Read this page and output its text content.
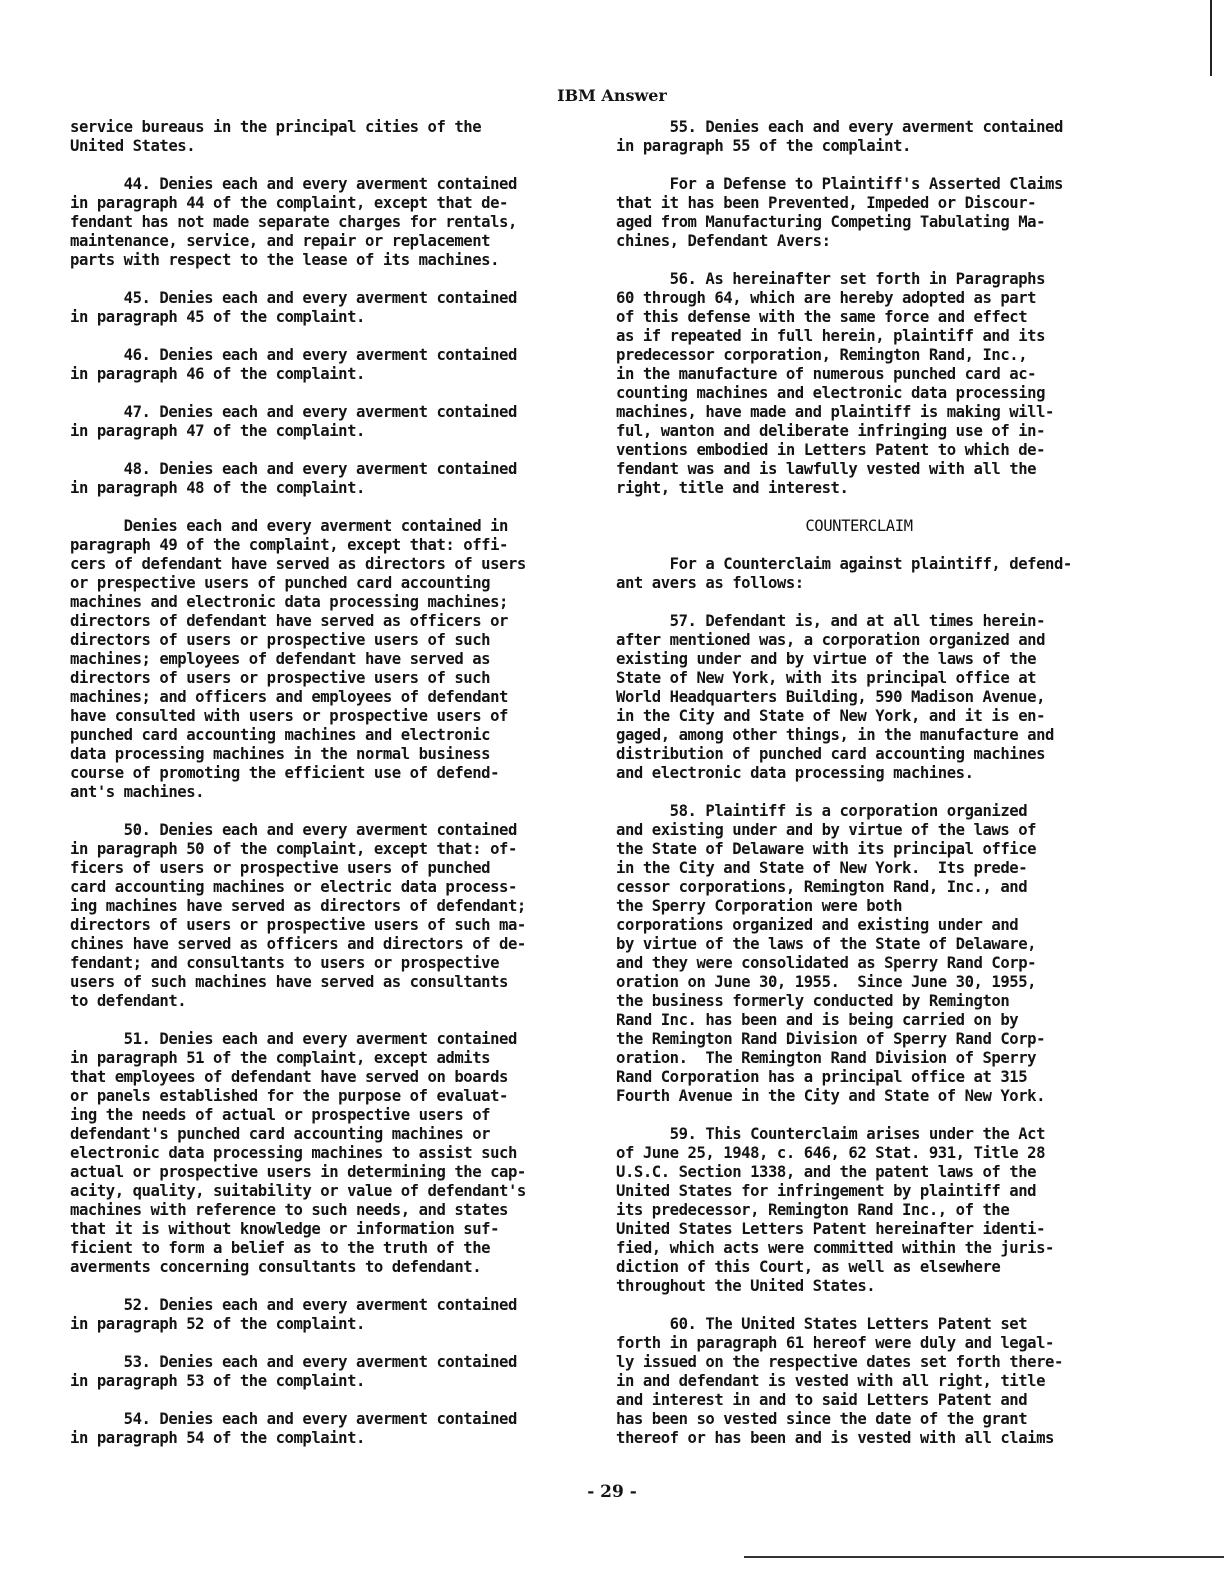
IBM Answer

service bureaus in the principal cities of the
United States.

44. Denies each and every averment contained
in paragraph 44 of the complaint, except that de-
fendant has not made separate charges for rentals,
maintenance, service, and repair or replacement
parts with respect to the lease of its machines.

45. Denies each and every averment contained
in paragraph 45 of the complaint.

46. Denies each and every averment contained
in paragraph 46 of the complaint.

47. Denies each and every averment contained
in paragraph 47 of the complaint.

48. Denies each and every averment contained
in paragraph 48 of the complaint.

Denies each and every averment contained in
paragraph 49 of the complaint, except that: offi-
cers of defendant have served as directors of users
or prespective users of punched card accounting
machines and electronic data processing machines;
directors of defendant have served as officers or
directors of users or prospective users of such
machines; employees of defendant have served as
directors of users or prospective users of such
machines; and officers and employees of defendant
have consulted with users or prospective users of
punched card accounting machines and electronic
data processing machines in the normal business
course of promoting the efficient use of defend-
ant's machines.

50. Denies each and every averment contained
in paragraph 50 of the complaint, except that: of-
ficers of users or prospective users of punched
card accounting machines or electric data process-
ing machines have served as directors of defendant;
directors of users or prospective users of such ma-
chines have served as officers and directors of de-
fendant; and consultants to users or prospective
users of such machines have served as consultants
to defendant.

51. Denies each and every averment contained
in paragraph 51 of the complaint, except admits
that employees of defendant have served on boards
or panels established for the purpose of evaluat-
ing the needs of actual or prospective users of
defendant's punched card accounting machines or
electronic data processing machines to assist such
actual or prospective users in determining the cap-
acity, quality, suitability or value of defendant's
machines with reference to such needs, and states
that it is without knowledge or information suf-
ficient to form a belief as to the truth of the
averments concerning consultants to defendant.

52. Denies each and every averment contained
in paragraph 52 of the complaint.

53. Denies each and every averment contained
in paragraph 53 of the complaint.

54. Denies each and every averment contained
in paragraph 54 of the complaint.

55. Denies each and every averment contained
in paragraph 55 of the complaint.

For a Defense to Plaintiff's Asserted Claims
that it has been Prevented, Impeded or Discour-
aged from Manufacturing Competing Tabulating Ma-
chines, Defendant Avers:

56. As hereinafter set forth in Paragraphs
60 through 64, which are hereby adopted as part
of this defense with the same force and effect
as if repeated in full herein, plaintiff and its
predecessor corporation, Remington Rand, Inc.,
in the manufacture of numerous punched card ac-
counting machines and electronic data processing
machines, have made and plaintiff is making will-
ful, wanton and deliberate infringing use of in-
ventions embodied in Letters Patent to which de-
fendant was and is lawfully vested with all the
right, title and interest.

COUNTERCLAIM

For a Counterclaim against plaintiff, defend-
ant avers as follows:

57. Defendant is, and at all times herein-
after mentioned was, a corporation organized and
existing under and by virtue of the laws of the
State of New York, with its principal office at
World Headquarters Building, 590 Madison Avenue,
in the City and State of New York, and it is en-
gaged, among other things, in the manufacture and
distribution of punched card accounting machines
and electronic data processing machines.

58. Plaintiff is a corporation organized
and existing under and by virtue of the laws of
the State of Delaware with its principal office
in the City and State of New York.  Its prede-
cessor corporations, Remington Rand, Inc., and
the Sperry Corporation were both
corporations organized and existing under and
by virtue of the laws of the State of Delaware,
and they were consolidated as Sperry Rand Corp-
oration on June 30, 1955.  Since June 30, 1955,
the business formerly conducted by Remington
Rand Inc. has been and is being carried on by
the Remington Rand Division of Sperry Rand Corp-
oration.  The Remington Rand Division of Sperry
Rand Corporation has a principal office at 315
Fourth Avenue in the City and State of New York.

59. This Counterclaim arises under the Act
of June 25, 1948, c. 646, 62 Stat. 931, Title 28
U.S.C. Section 1338, and the patent laws of the
United States for infringement by plaintiff and
its predecessor, Remington Rand Inc., of the
United States Letters Patent hereinafter identi-
fied, which acts were committed within the juris-
diction of this Court, as well as elsewhere
throughout the United States.

60. The United States Letters Patent set
forth in paragraph 61 hereof were duly and legal-
ly issued on the respective dates set forth there-
in and defendant is vested with all right, title
and interest in and to said Letters Patent and
has been so vested since the date of the grant
thereof or has been and is vested with all claims

- 29 -
